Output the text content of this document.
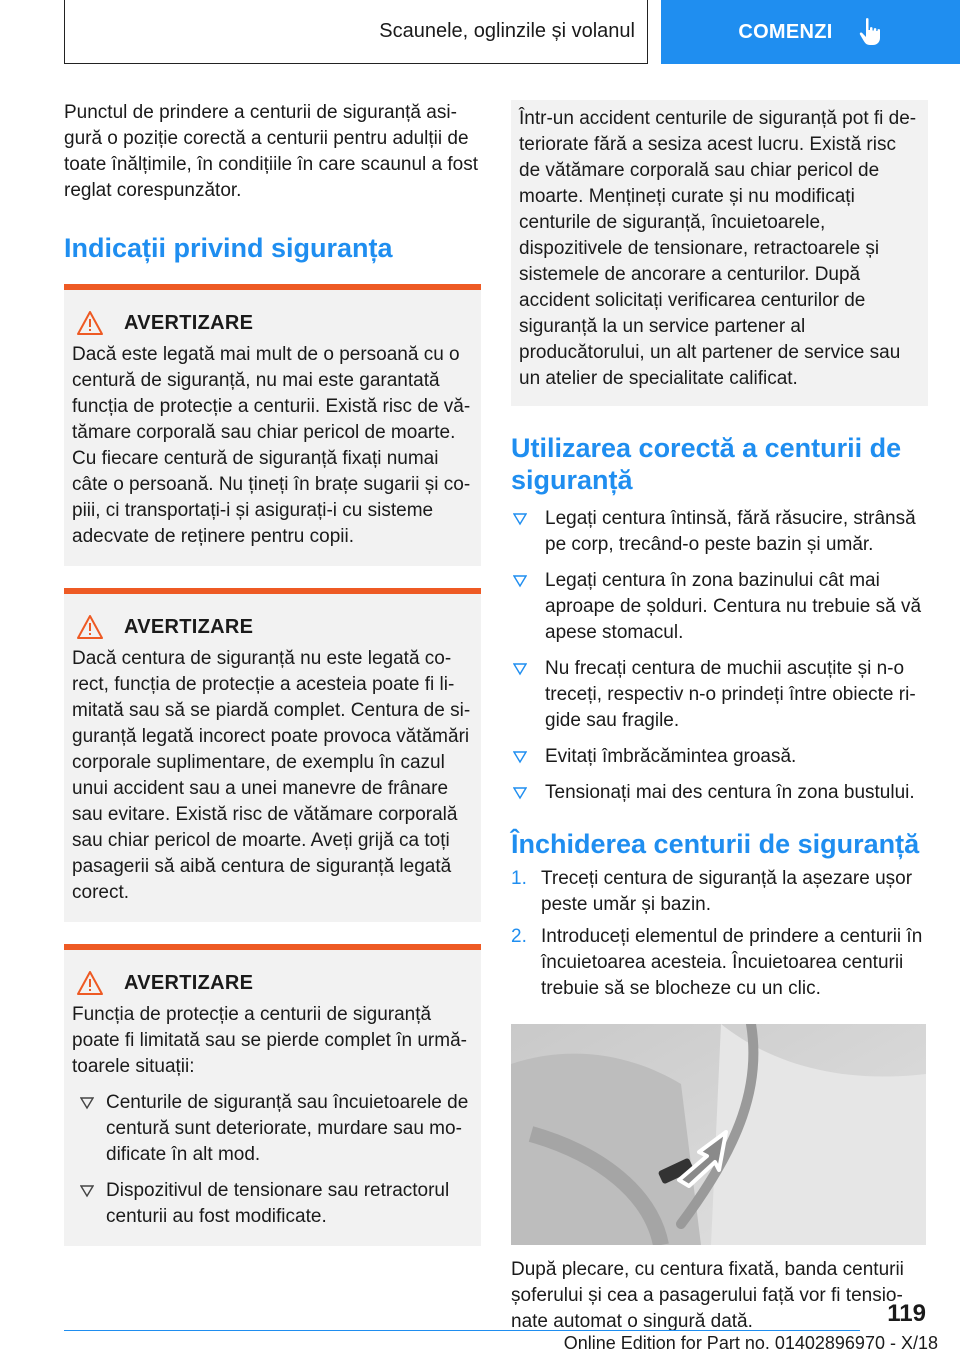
Scaunele, oglinzile și volanul	COMENZI

Punctul de prindere a centurii de siguranță asigură o poziție corectă a centurii pentru adulții de toate înălțimile, în condițiile în care scaunul a fost reglat corespunzător.

Indicații privind siguranța
AVERTIZARE

Dacă este legată mai mult de o persoană cu o centură de siguranță, nu mai este garantată funcția de protecție a centurii. Există risc de vătămare corporală sau chiar pericol de moarte. Cu fiecare centură de siguranță fixați numai câte o persoană. Nu țineți în brațe sugarii și copiii, ci transportați-i și asigurați-i cu sisteme adecvate de reținere pentru copii.

AVERTIZARE

Dacă centura de siguranță nu este legată corect, funcția de protecție a acesteia poate fi limitată sau să se piardă complet. Centura de siguranță legată incorect poate provoca vătămări corporale suplimentare, de exemplu în cazul unui accident sau a unei manevre de frânare sau evitare. Există risc de vătămare corporală sau chiar pericol de moarte. Aveți grijă ca toți pasagerii să aibă centura de siguranță legată corect.

AVERTIZARE

Funcția de protecție a centurii de siguranță poate fi limitată sau se pierde complet în următoarele situații:

Centurile de siguranță sau încuietoarele de centură sunt deteriorate, murdare sau modificate în alt mod.
Dispozitivul de tensionare sau retractorul centurii au fost modificate.

Într-un accident centurile de siguranță pot fi deteriorate fără a sesiza acest lucru. Există risc de vătămare corporală sau chiar pericol de moarte. Mențineți curate și nu modificați centurile de siguranță, încuietoarele, dispozitivele de tensionare, retractoarele și sistemele de ancorare a centurilor. După accident solicitați verificarea centurilor de siguranță la un service partener al producătorului, un alt partener de service sau un atelier de specialitate calificat.

Utilizarea corectă a centurii de siguranță
Legați centura întinsă, fără răsucire, strânsă pe corp, trecând-o peste bazin și umăr.
Legați centura în zona bazinului cât mai aproape de șolduri. Centura nu trebuie să vă apese stomacul.
Nu frecați centura de muchii ascuțite și n-o treceți, respectiv n-o prindeți între obiecte rigide sau fragile.
Evitați îmbrăcămintea groasă.
Tensionați mai des centura în zona bustului.
Închiderea centurii de siguranță
1. Treceți centura de siguranță la așezare ușor peste umăr și bazin.
2. Introduceți elementul de prindere a centurii în încuietoarea acesteia. Încuietoarea centurii trebuie să se blocheze cu un clic.

După plecare, cu centura fixată, banda centurii șoferului și cea a pasagerului față vor fi tensionate automat o singură dată.	119
Online Edition for Part no. 01402896970 - X/18
